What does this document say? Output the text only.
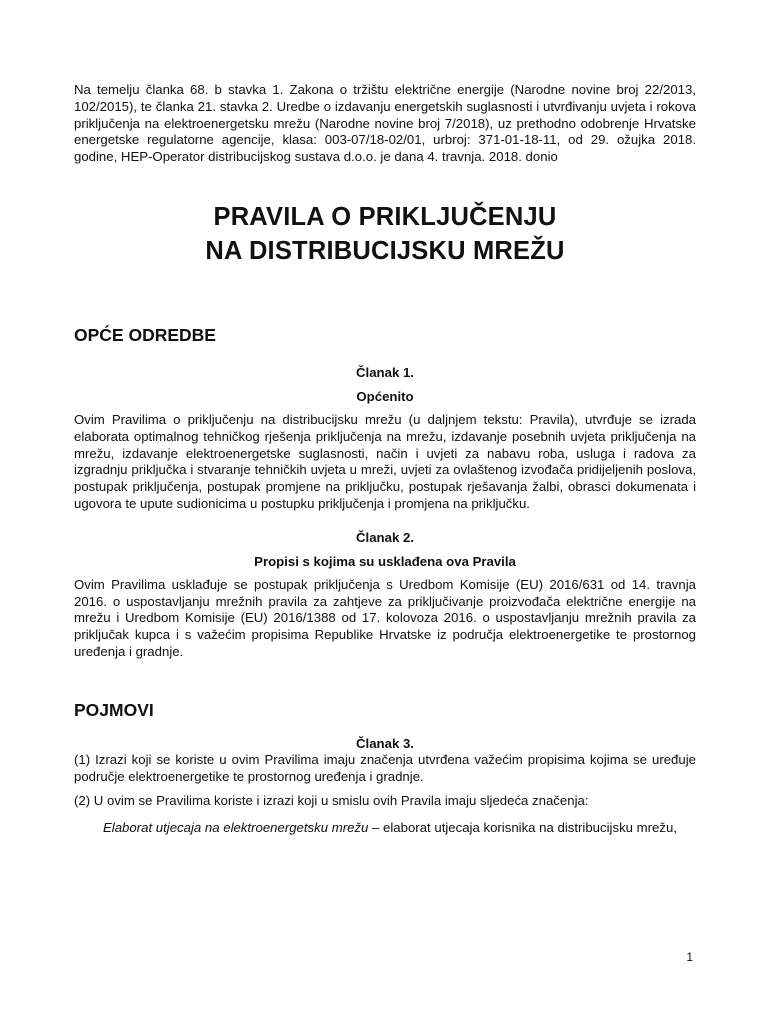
Na temelju članka 68. b stavka 1. Zakona o tržištu električne energije (Narodne novine broj 22/2013, 102/2015), te članka 21. stavka 2. Uredbe o izdavanju energetskih suglasnosti i utvrđivanju uvjeta i rokova priključenja na elektroenergetsku mrežu (Narodne novine broj 7/2018), uz prethodno odobrenje Hrvatske energetske regulatorne agencije, klasa: 003-07/18-02/01, urbroj: 371-01-18-11, od 29. ožujka 2018. godine, HEP-Operator distribucijskog sustava d.o.o. je dana 4. travnja. 2018. donio

PRAVILA O PRIKLJUČENJU
NA DISTRIBUCIJSKU MREŽU
OPĆE ODREDBE

Članak 1.

Općenito

Ovim Pravilima o priključenju na distribucijsku mrežu (u daljnjem tekstu: Pravila), utvrđuje se izrada elaborata optimalnog tehničkog rješenja priključenja na mrežu, izdavanje posebnih uvjeta priključenja na mrežu, izdavanje elektroenergetske suglasnosti, način i uvjeti za nabavu roba, usluga i radova za izgradnju priključka i stvaranje tehničkih uvjeta u mreži, uvjeti za ovlaštenog izvođača pridijeljenih poslova, postupak priključenja, postupak promjene na priključku, postupak rješavanja žalbi, obrasci dokumenata i ugovora te upute sudionicima u postupku priključenja i promjena na priključku.

Članak 2.

Propisi s kojima su usklađena ova Pravila

Ovim Pravilima usklađuje se postupak priključenja s Uredbom Komisije (EU) 2016/631 od 14. travnja 2016. o uspostavljanju mrežnih pravila za zahtjeve za priključivanje proizvođača električne energije na mrežu i Uredbom Komisije (EU) 2016/1388 od 17. kolovoza 2016. o uspostavljanju mrežnih pravila za priključak kupca i s važećim propisima Republike Hrvatske iz područja elektroenergetike te prostornog uređenja i gradnje.

POJMOVI

Članak 3.

(1) Izrazi koji se koriste u ovim Pravilima imaju značenja utvrđena važećim propisima kojima se uređuje područje elektroenergetike te prostornog uređenja i gradnje.

(2) U ovim se Pravilima koriste i izrazi koji u smislu ovih Pravila imaju sljedeća značenja:

Elaborat utjecaja na elektroenergetsku mrežu – elaborat utjecaja korisnika na distribucijsku mrežu,

1
